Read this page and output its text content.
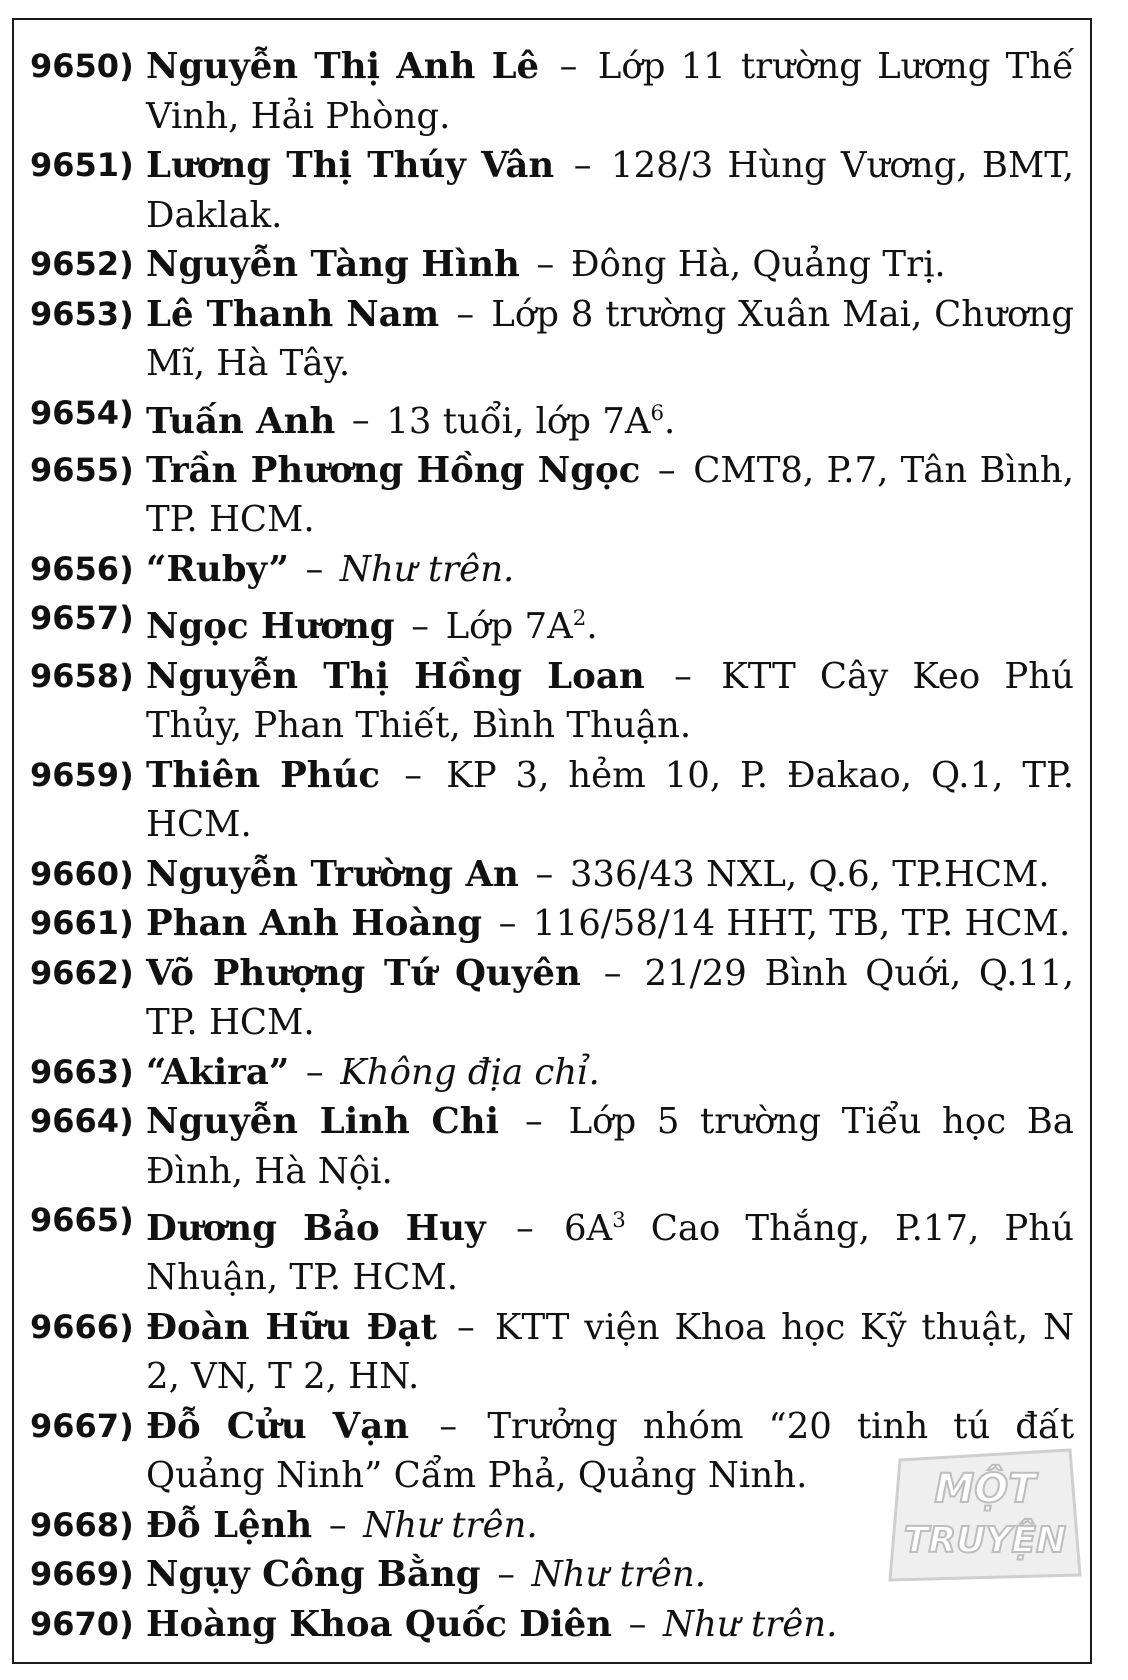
9650) Nguyễn Thị Anh Lê – Lớp 11 trường Lương Thế Vinh, Hải Phòng.
9651) Lương Thị Thúy Vân – 128/3 Hùng Vương, BMT, Daklak.
9652) Nguyễn Tàng Hình – Đông Hà, Quảng Trị.
9653) Lê Thanh Nam – Lớp 8 trường Xuân Mai, Chương Mĩ, Hà Tây.
9654) Tuấn Anh – 13 tuổi, lớp $7A^6$.
9655) Trần Phương Hồng Ngọc – CMT8, P.7, Tân Bình, TP. HCM.
9656) “Ruby” – Như trên.
9657) Ngọc Hương – Lớp $7A^2$.
9658) Nguyễn Thị Hồng Loan – KTT Cây Keo Phú Thủy, Phan Thiết, Bình Thuận.
9659) Thiên Phúc – KP 3, hẻm 10, P. Đakao, Q.1, TP. HCM.
9660) Nguyễn Trường An – 336/43 NXL, Q.6, TP.HCM.
9661) Phan Anh Hoàng – 116/58/14 HHT, TB, TP. HCM.
9662) Võ Phượng Tứ Quyên – 21/29 Bình Quới, Q.11, TP. HCM.
9663) “Akira” – Không địa chỉ.
9664) Nguyễn Linh Chi – Lớp 5 trường Tiểu học Ba Đình, Hà Nội.
9665) Dương Bảo Huy – $6A^3$ Cao Thắng, P.17, Phú Nhuận, TP. HCM.
9666) Đoàn Hữu Đạt – KTT viện Khoa học Kỹ thuật, N 2, VN, T 2, HN.
9667) Đỗ Cửu Vạn – Trưởng nhóm “20 tinh tú đất Quảng Ninh” Cẩm Phả, Quảng Ninh.
9668) Đỗ Lệnh – Như trên.
9669) Ngụy Công Bằng – Như trên.
9670) Hoàng Khoa Quốc Diên – Như trên.
MỘT
TRUYỆN
